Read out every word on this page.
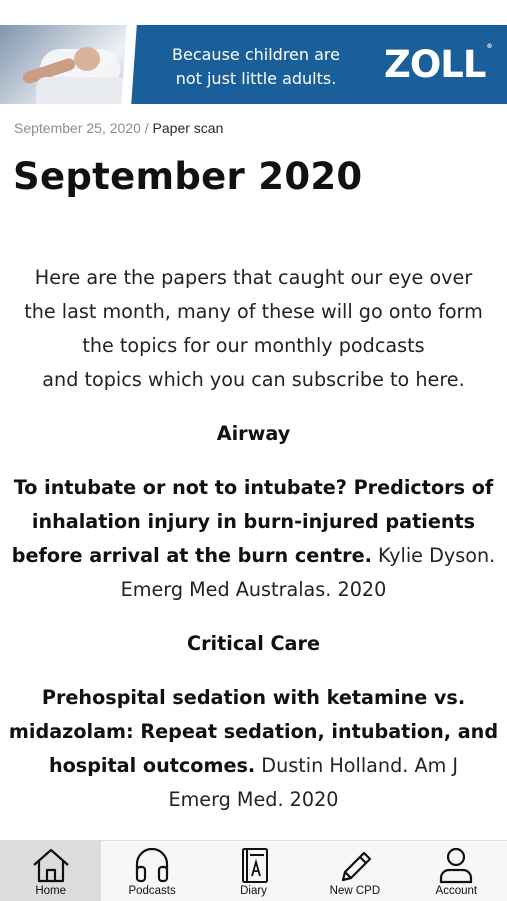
Because children are
not just little adults.	ZOLL®
September 25, 2020 / Paper scan
September 2020

Here are the papers that caught our eye over
the last month, many of these will go onto form
the topics for our monthly podcasts
and topics which you can subscribe to here.

Airway

To intubate or not to intubate? Predictors of
inhalation injury in burn-injured patients
before arrival at the burn centre. Kylie Dyson.
Emerg Med Australas. 2020

Critical Care

Prehospital sedation with ketamine vs.
midazolam: Repeat sedation, intubation, and
hospital outcomes. Dustin Holland. Am J
Emerg Med. 2020

Home	Podcasts	Diary	New CPD	Account
